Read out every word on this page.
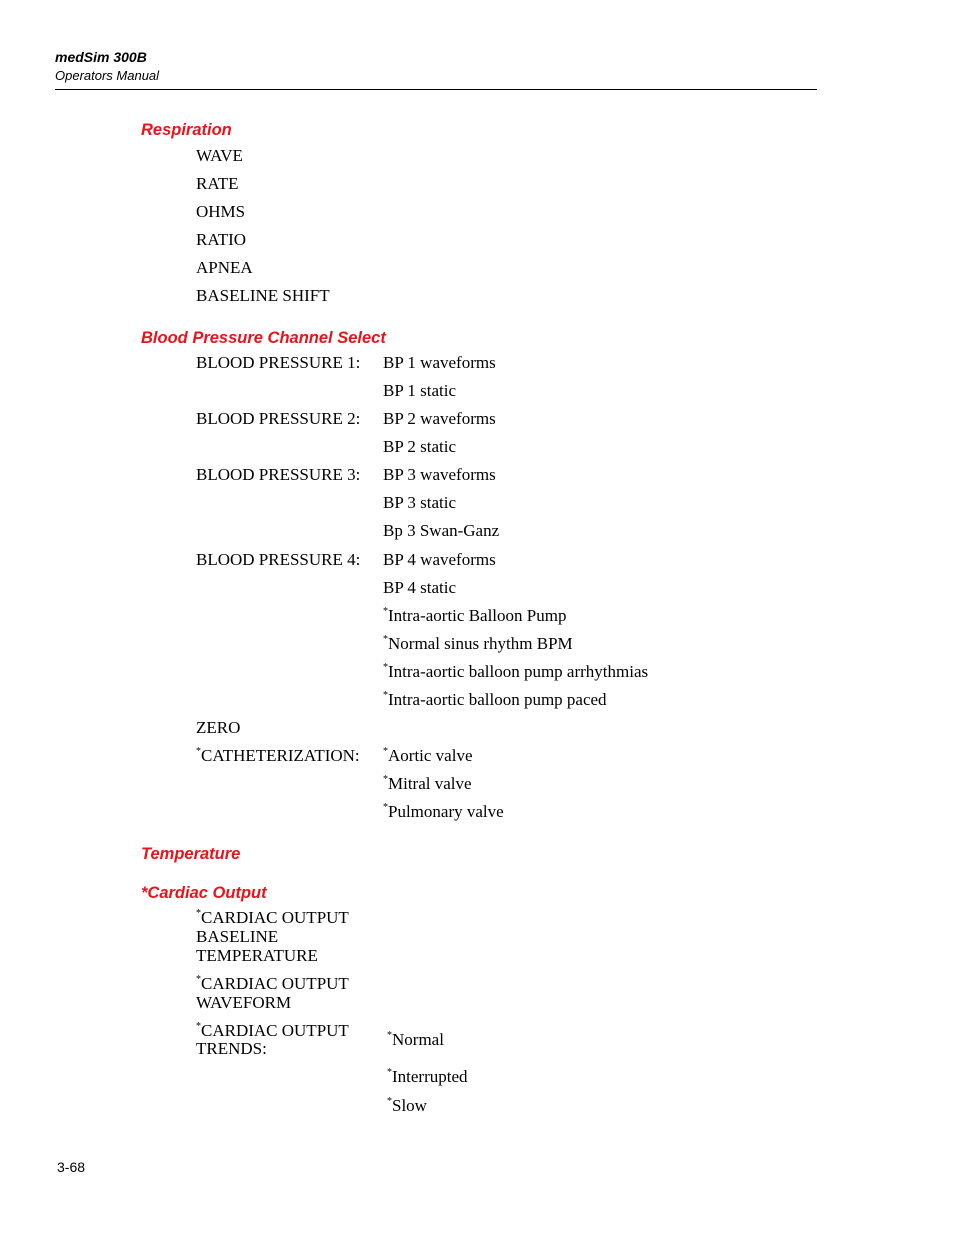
medSim 300B
Operators Manual
Respiration
WAVE
RATE
OHMS
RATIO
APNEA
BASELINE SHIFT
Blood Pressure Channel Select
BLOOD PRESSURE 1: BP 1 waveforms
BP 1 static
BLOOD PRESSURE 2: BP 2 waveforms
BP 2 static
BLOOD PRESSURE 3: BP 3 waveforms
BP 3 static
Bp 3 Swan-Ganz
BLOOD PRESSURE 4: BP 4 waveforms
BP 4 static
*Intra-aortic Balloon Pump
*Normal sinus rhythm BPM
*Intra-aortic balloon pump arrhythmias
*Intra-aortic balloon pump paced
ZERO
*CATHETERIZATION: *Aortic valve
*Mitral valve
*Pulmonary valve
Temperature
*Cardiac Output
*CARDIAC OUTPUT
BASELINE
TEMPERATURE
*CARDIAC OUTPUT
WAVEFORM
*CARDIAC OUTPUT
TRENDS:
*Normal
*Interrupted
*Slow
3-68
